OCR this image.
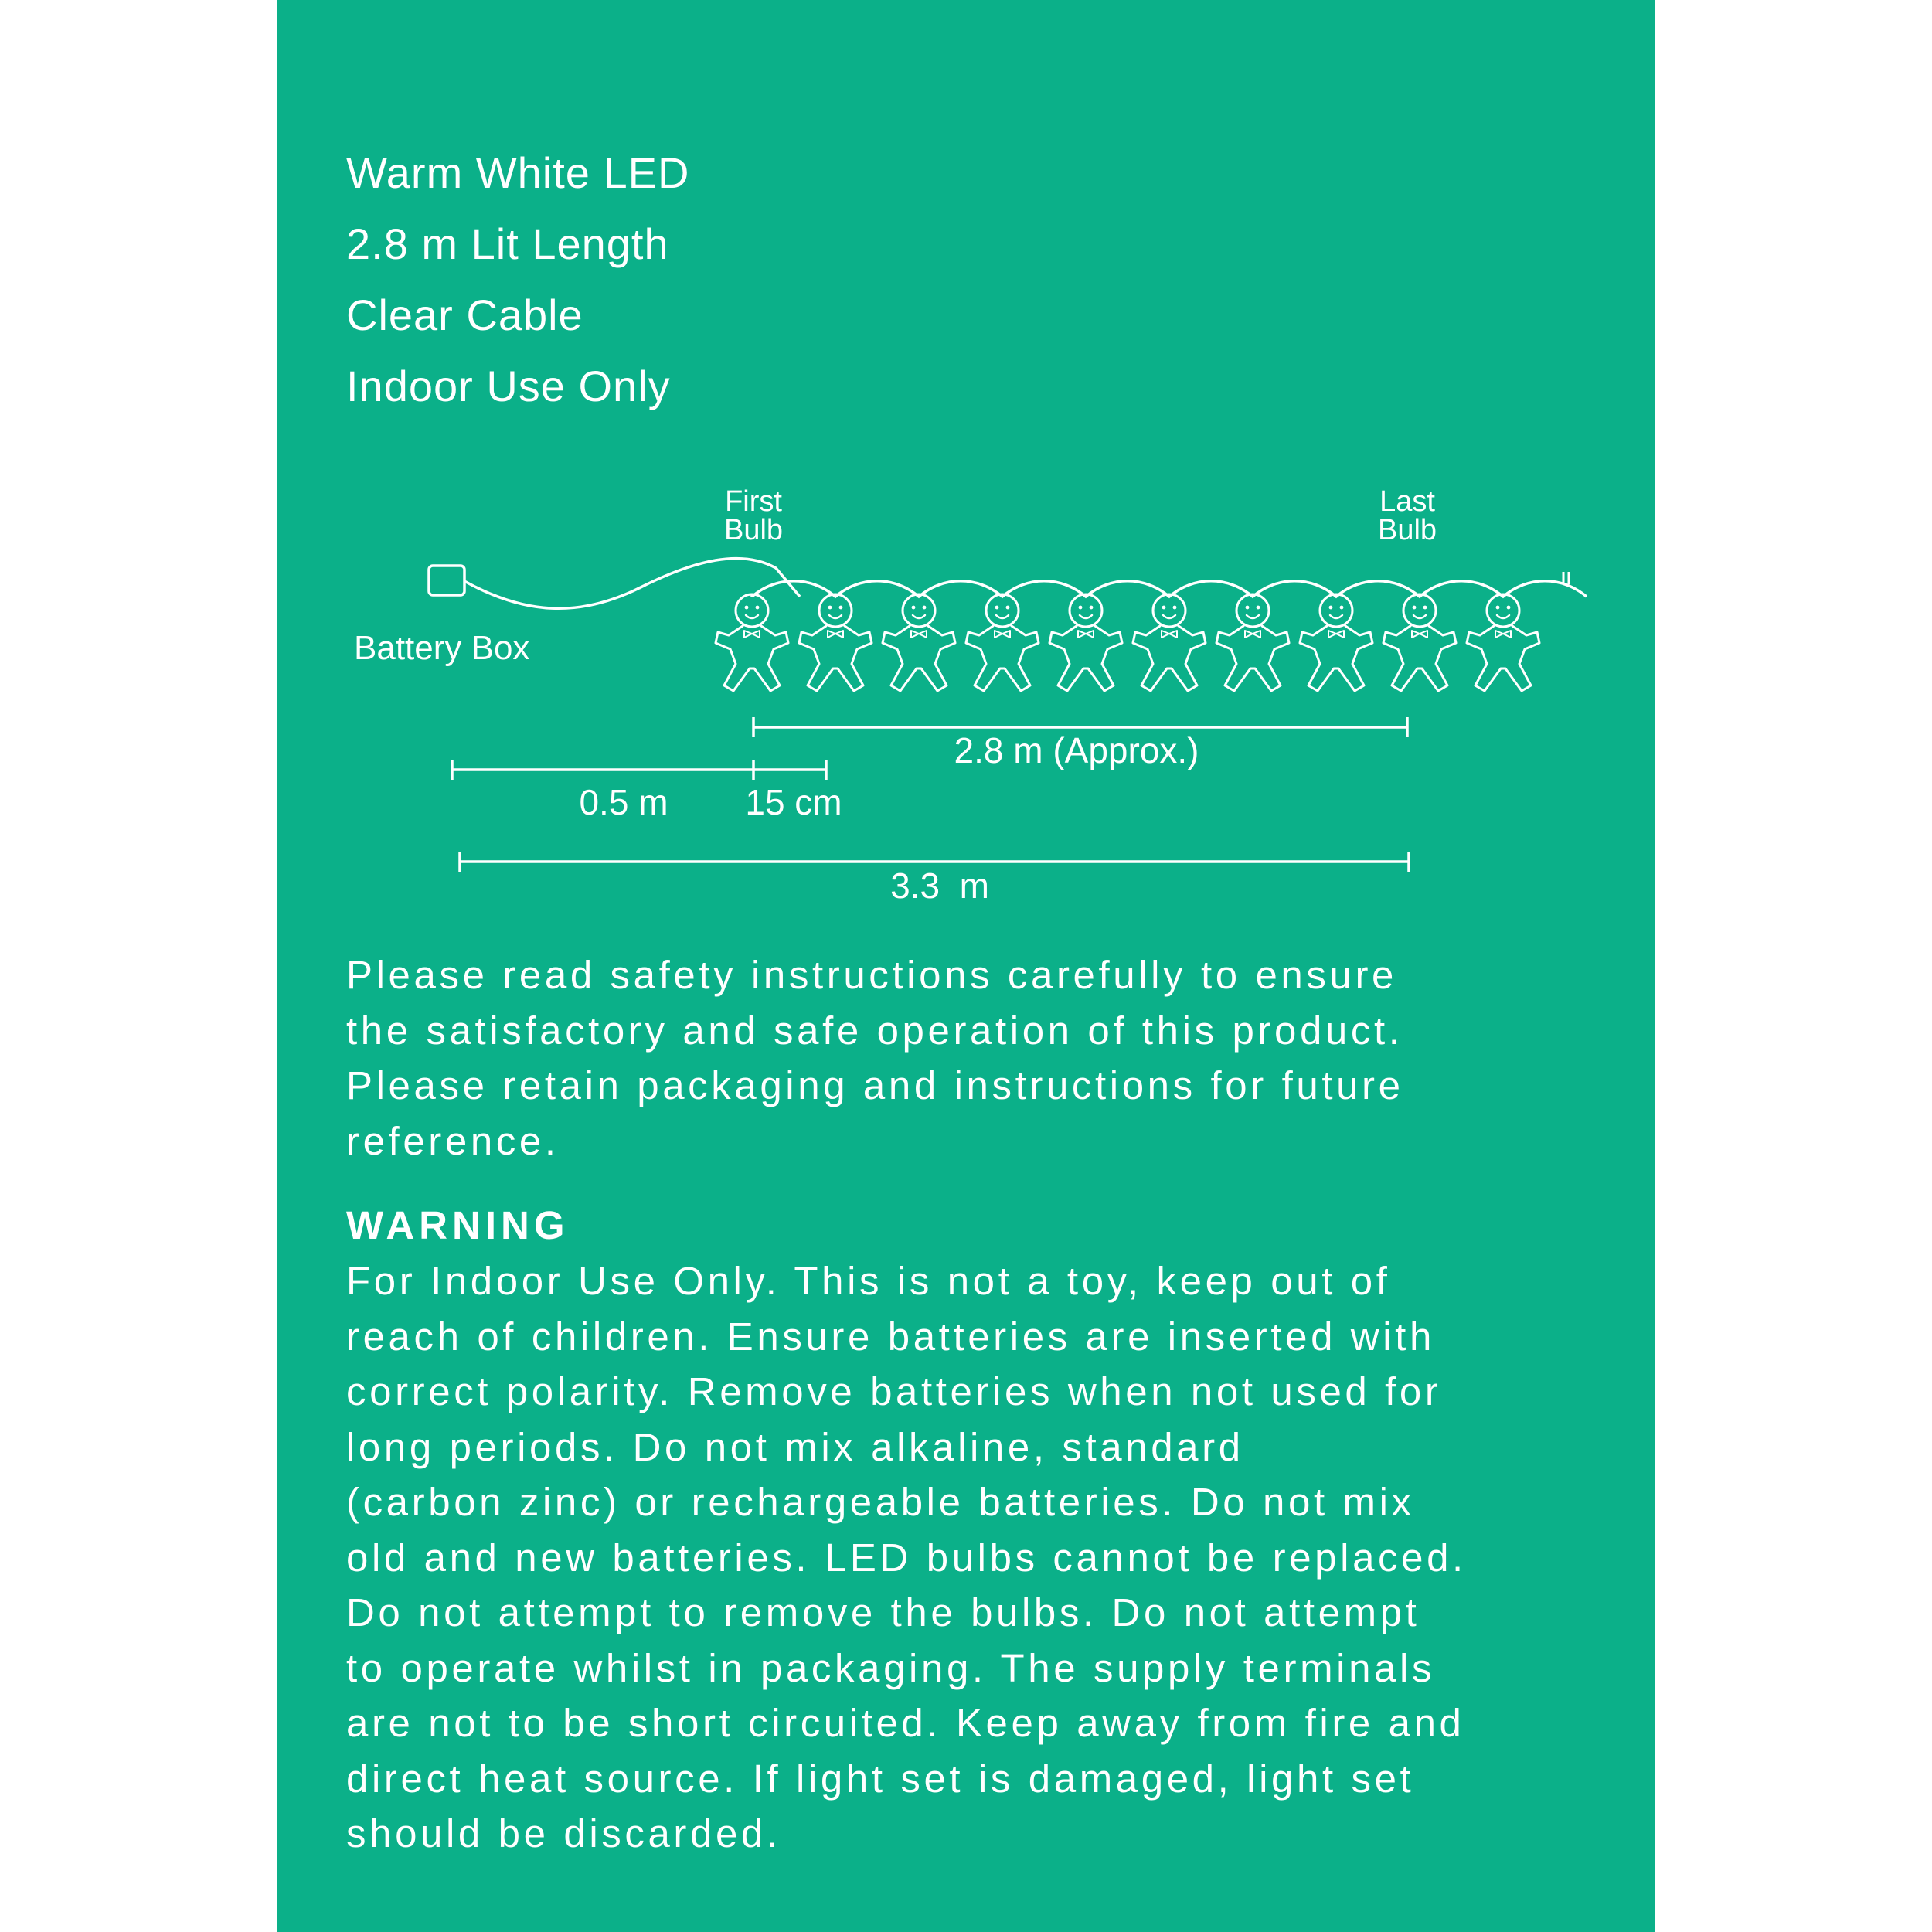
Warm White LED
2.8 m Lit Length
Clear Cable
Indoor Use Only
First
Bulb
Last
Bulb
Battery Box
2.8 m (Approx.)
0.5 m 15 cm
3.3  m

Please read safety instructions carefully to ensure
the satisfactory and safe operation of this product.
Please retain packaging and instructions for future
reference.

WARNING

For Indoor Use Only. This is not a toy, keep out of
reach of children. Ensure batteries are inserted with
correct polarity. Remove batteries when not used for
long periods. Do not mix alkaline, standard
(carbon zinc) or rechargeable batteries. Do not mix
old and new batteries. LED bulbs cannot be replaced.
Do not attempt to remove the bulbs. Do not attempt
to operate whilst in packaging. The supply terminals
are not to be short circuited. Keep away from fire and
direct heat source. If light set is damaged, light set
should be discarded.
